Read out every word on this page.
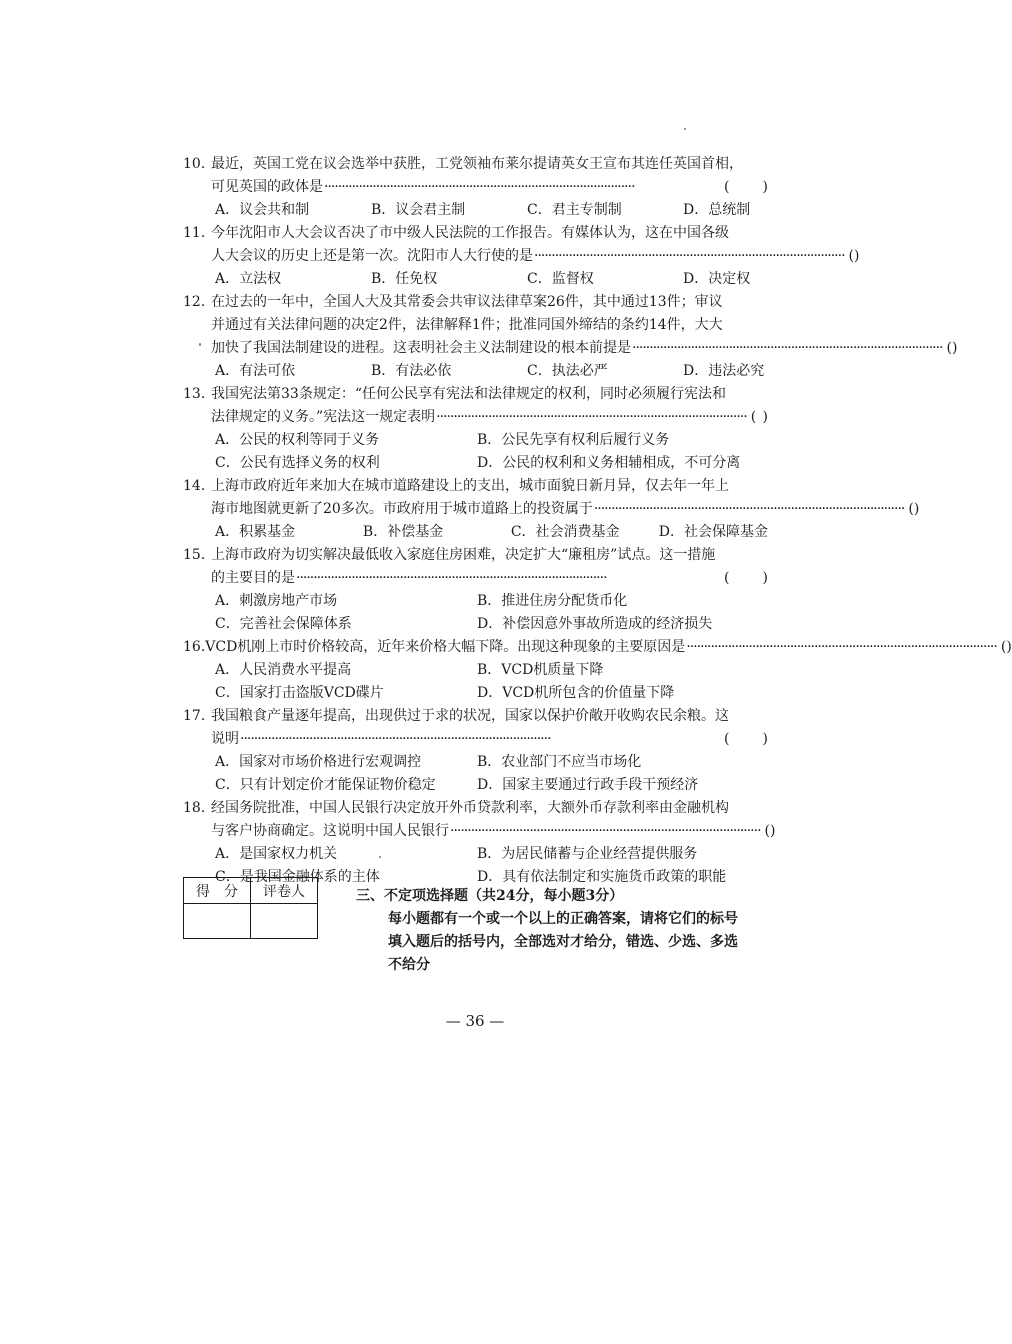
10. 最近，英国工党在议会选举中获胜，工党领袖布莱尔提请英女王宣布其连任英国首相，
可见英国的政体是 ··························································································	( )
A．议会共和制	B．议会君主制	C．君主专制制	D．总统制
11. 今年沈阳市人大会议否决了市中级人民法院的工作报告。有媒体认为，这在中国各级
人大会议的历史上还是第一次。沈阳市人大行使的是 ·························································································· ( )
A．立法权	B．任免权	C．监督权	D．决定权
12. 在过去的一年中，全国人大及其常委会共审议法律草案26件，其中通过13件；审议
并通过有关法律问题的决定2件，法律解释1件；批准同国外缔结的条约14件，大大
加快了我国法制建设的进程。这表明社会主义法制建设的根本前提是 ·························································································· ( )
A．有法可依	B．有法必依	C．执法必严	D．违法必究
13. 我国宪法第33条规定：“任何公民享有宪法和法律规定的权利，同时必须履行宪法和
法律规定的义务。”宪法这一规定表明 ·························································································· ( )
A．公民的权利等同于义务	B．公民先享有权利后履行义务
C．公民有选择义务的权利	D．公民的权利和义务相辅相成，不可分离
14. 上海市政府近年来加大在城市道路建设上的支出，城市面貌日新月异，仅去年一年上
海市地图就更新了20多次。市政府用于城市道路上的投资属于 ·························································································· ( )
A．积累基金	B．补偿基金	C．社会消费基金	D．社会保障基金
15. 上海市政府为切实解决最低收入家庭住房困难，决定扩大“廉租房”试点。这一措施
的主要目的是 ··························································································	( )
A．刺激房地产市场	B．推进住房分配货币化
C．完善社会保障体系	D．补偿因意外事故所造成的经济损失
16. VCD机刚上市时价格较高，近年来价格大幅下降。出现这种现象的主要原因是 ·························································································· ( )
A．人民消费水平提高	B．VCD机质量下降
C．国家打击盗版VCD碟片	D．VCD机所包含的价值量下降
17. 我国粮食产量逐年提高，出现供过于求的状况，国家以保护价敞开收购农民余粮。这
说明 ··························································································	( )
A．国家对市场价格进行宏观调控	B．农业部门不应当市场化
C．只有计划定价才能保证物价稳定	D．国家主要通过行政手段干预经济
18. 经国务院批准，中国人民银行决定放开外币贷款利率，大额外币存款利率由金融机构
与客户协商确定。这说明中国人民银行 ·························································································· ( )
A．是国家权力机关	B．为居民储蓄与企业经营提供服务
C．是我国金融体系的主体	D．具有依法制定和实施货币政策的职能
得　分	评卷人
		三、不定项选择题（共24分，每小题3分）
每小题都有一个或一个以上的正确答案，请将它们的标号
填入题后的括号内，全部选对才给分，错选、少选、多选
不给分
— 36 —
